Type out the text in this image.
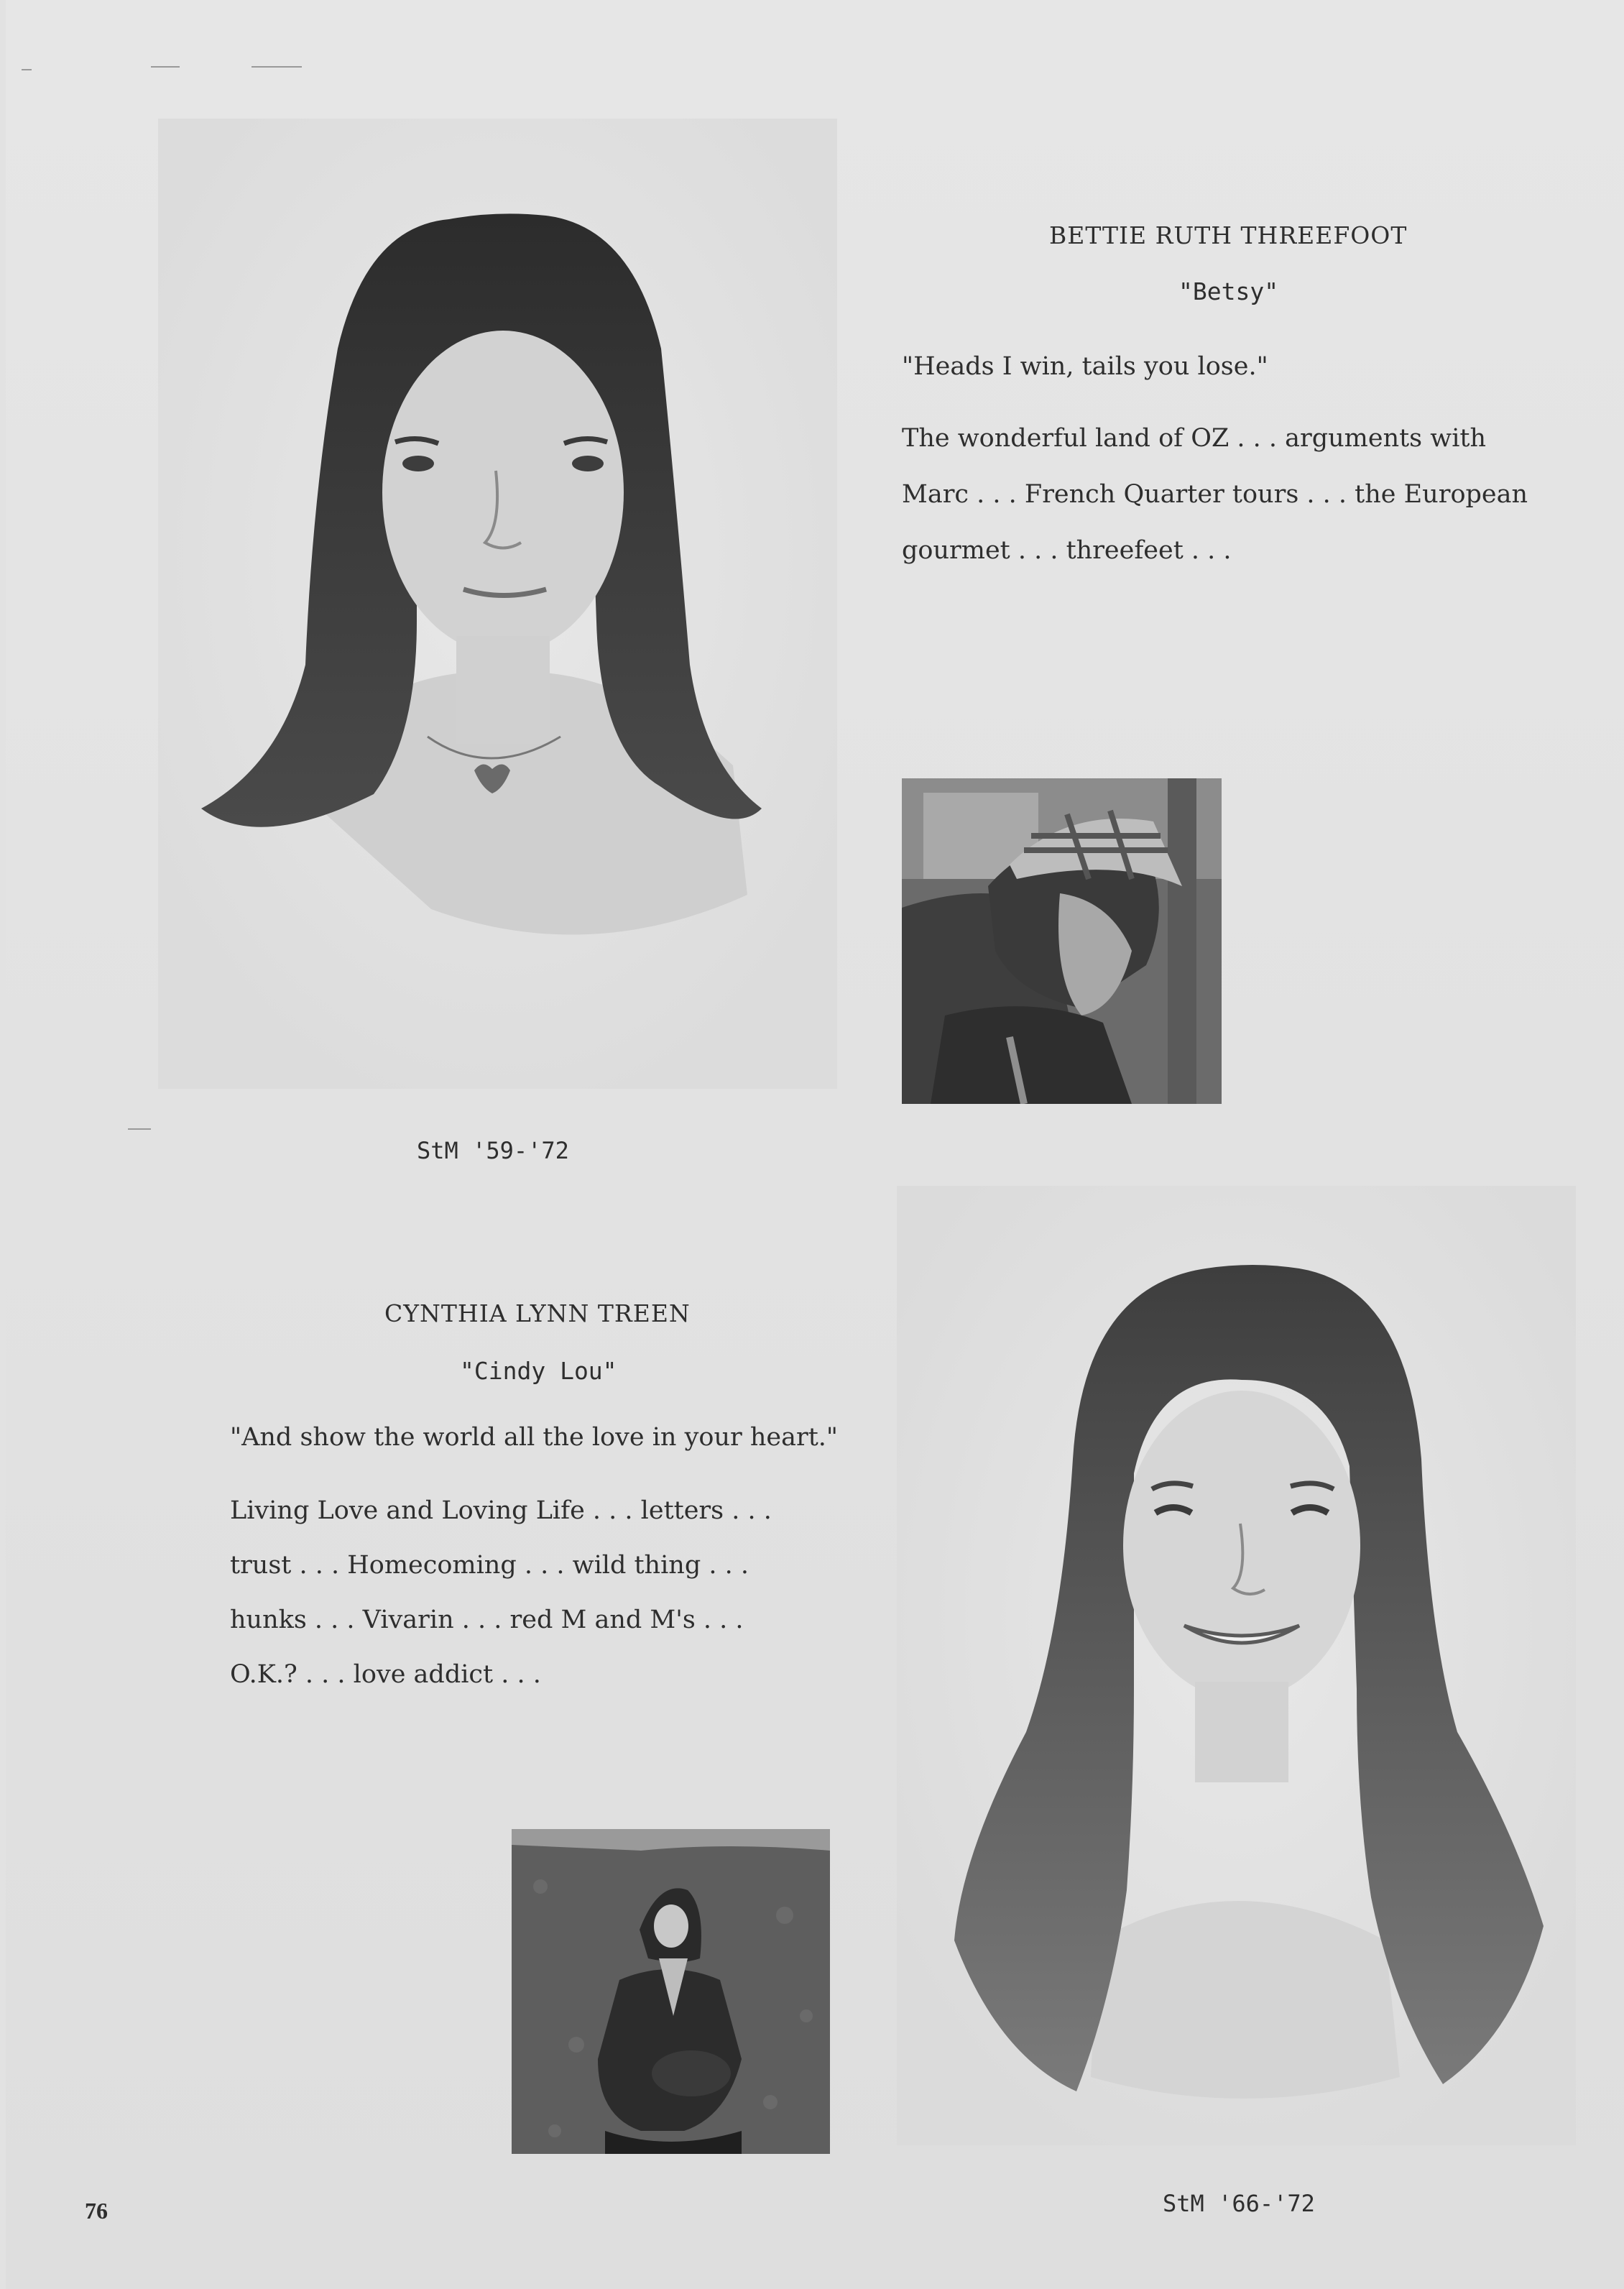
BETTIE RUTH THREEFOOT
"Betsy"
"Heads I win, tails you lose."
The wonderful land of OZ . . . arguments with
Marc . . . French Quarter tours . . . the European
gourmet . . . threefeet . . .
StM '59-'72
CYNTHIA LYNN TREEN
"Cindy Lou"
"And show the world all the love in your heart."
Living Love and Loving Life . . . letters . . .
trust . . . Homecoming . . . wild thing . . .
hunks . . . Vivarin . . . red M and M's . . .
O.K.? . . . love addict . . .
StM '66-'72
76
